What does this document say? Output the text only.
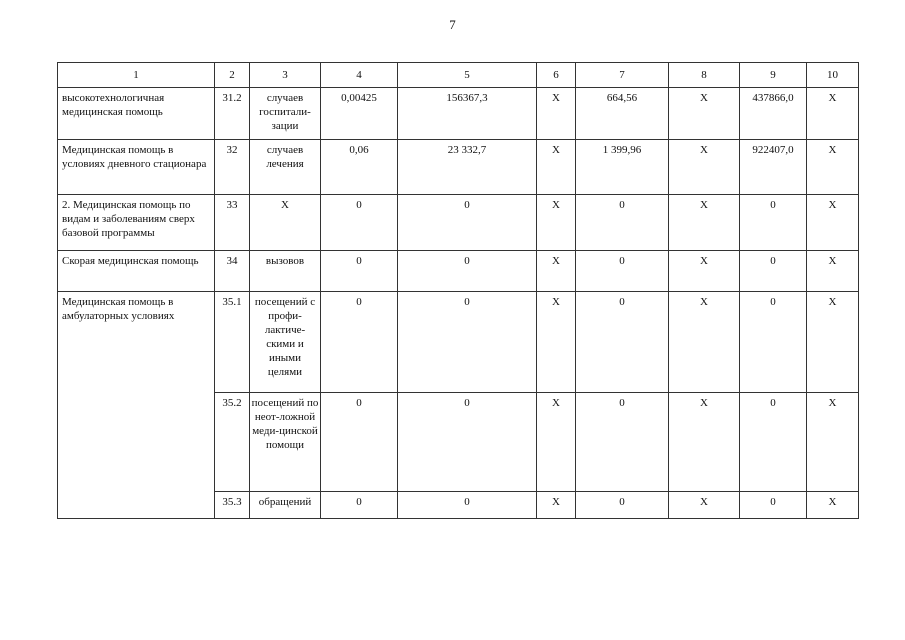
7
1	2	3	4	5	6	7	8	9	10
высокотехнологичная медицинская помощь	31.2	случаев госпитали-зации	0,00425	156367,3	X	664,56	X	437866,0	X
Медицинская помощь в условиях дневного стационара	32	случаев лечения	0,06	23 332,7	X	1 399,96	X	922407,0	X
2. Медицинская помощь по видам и заболеваниям сверх базовой программы	33	X	0	0	X	0	X	0	X
Скорая медицинская помощь	34	вызовов	0	0	X	0	X	0	X
Медицинская помощь в амбулаторных условиях	35.1	посещений с профи-лактиче-скими и иными целями	0	0	X	0	X	0	X
	35.2	посещений по неот-ложной меди-цинской помощи	0	0	X	0	X	0	X
	35.3	обращений	0	0	X	0	X	0	X
